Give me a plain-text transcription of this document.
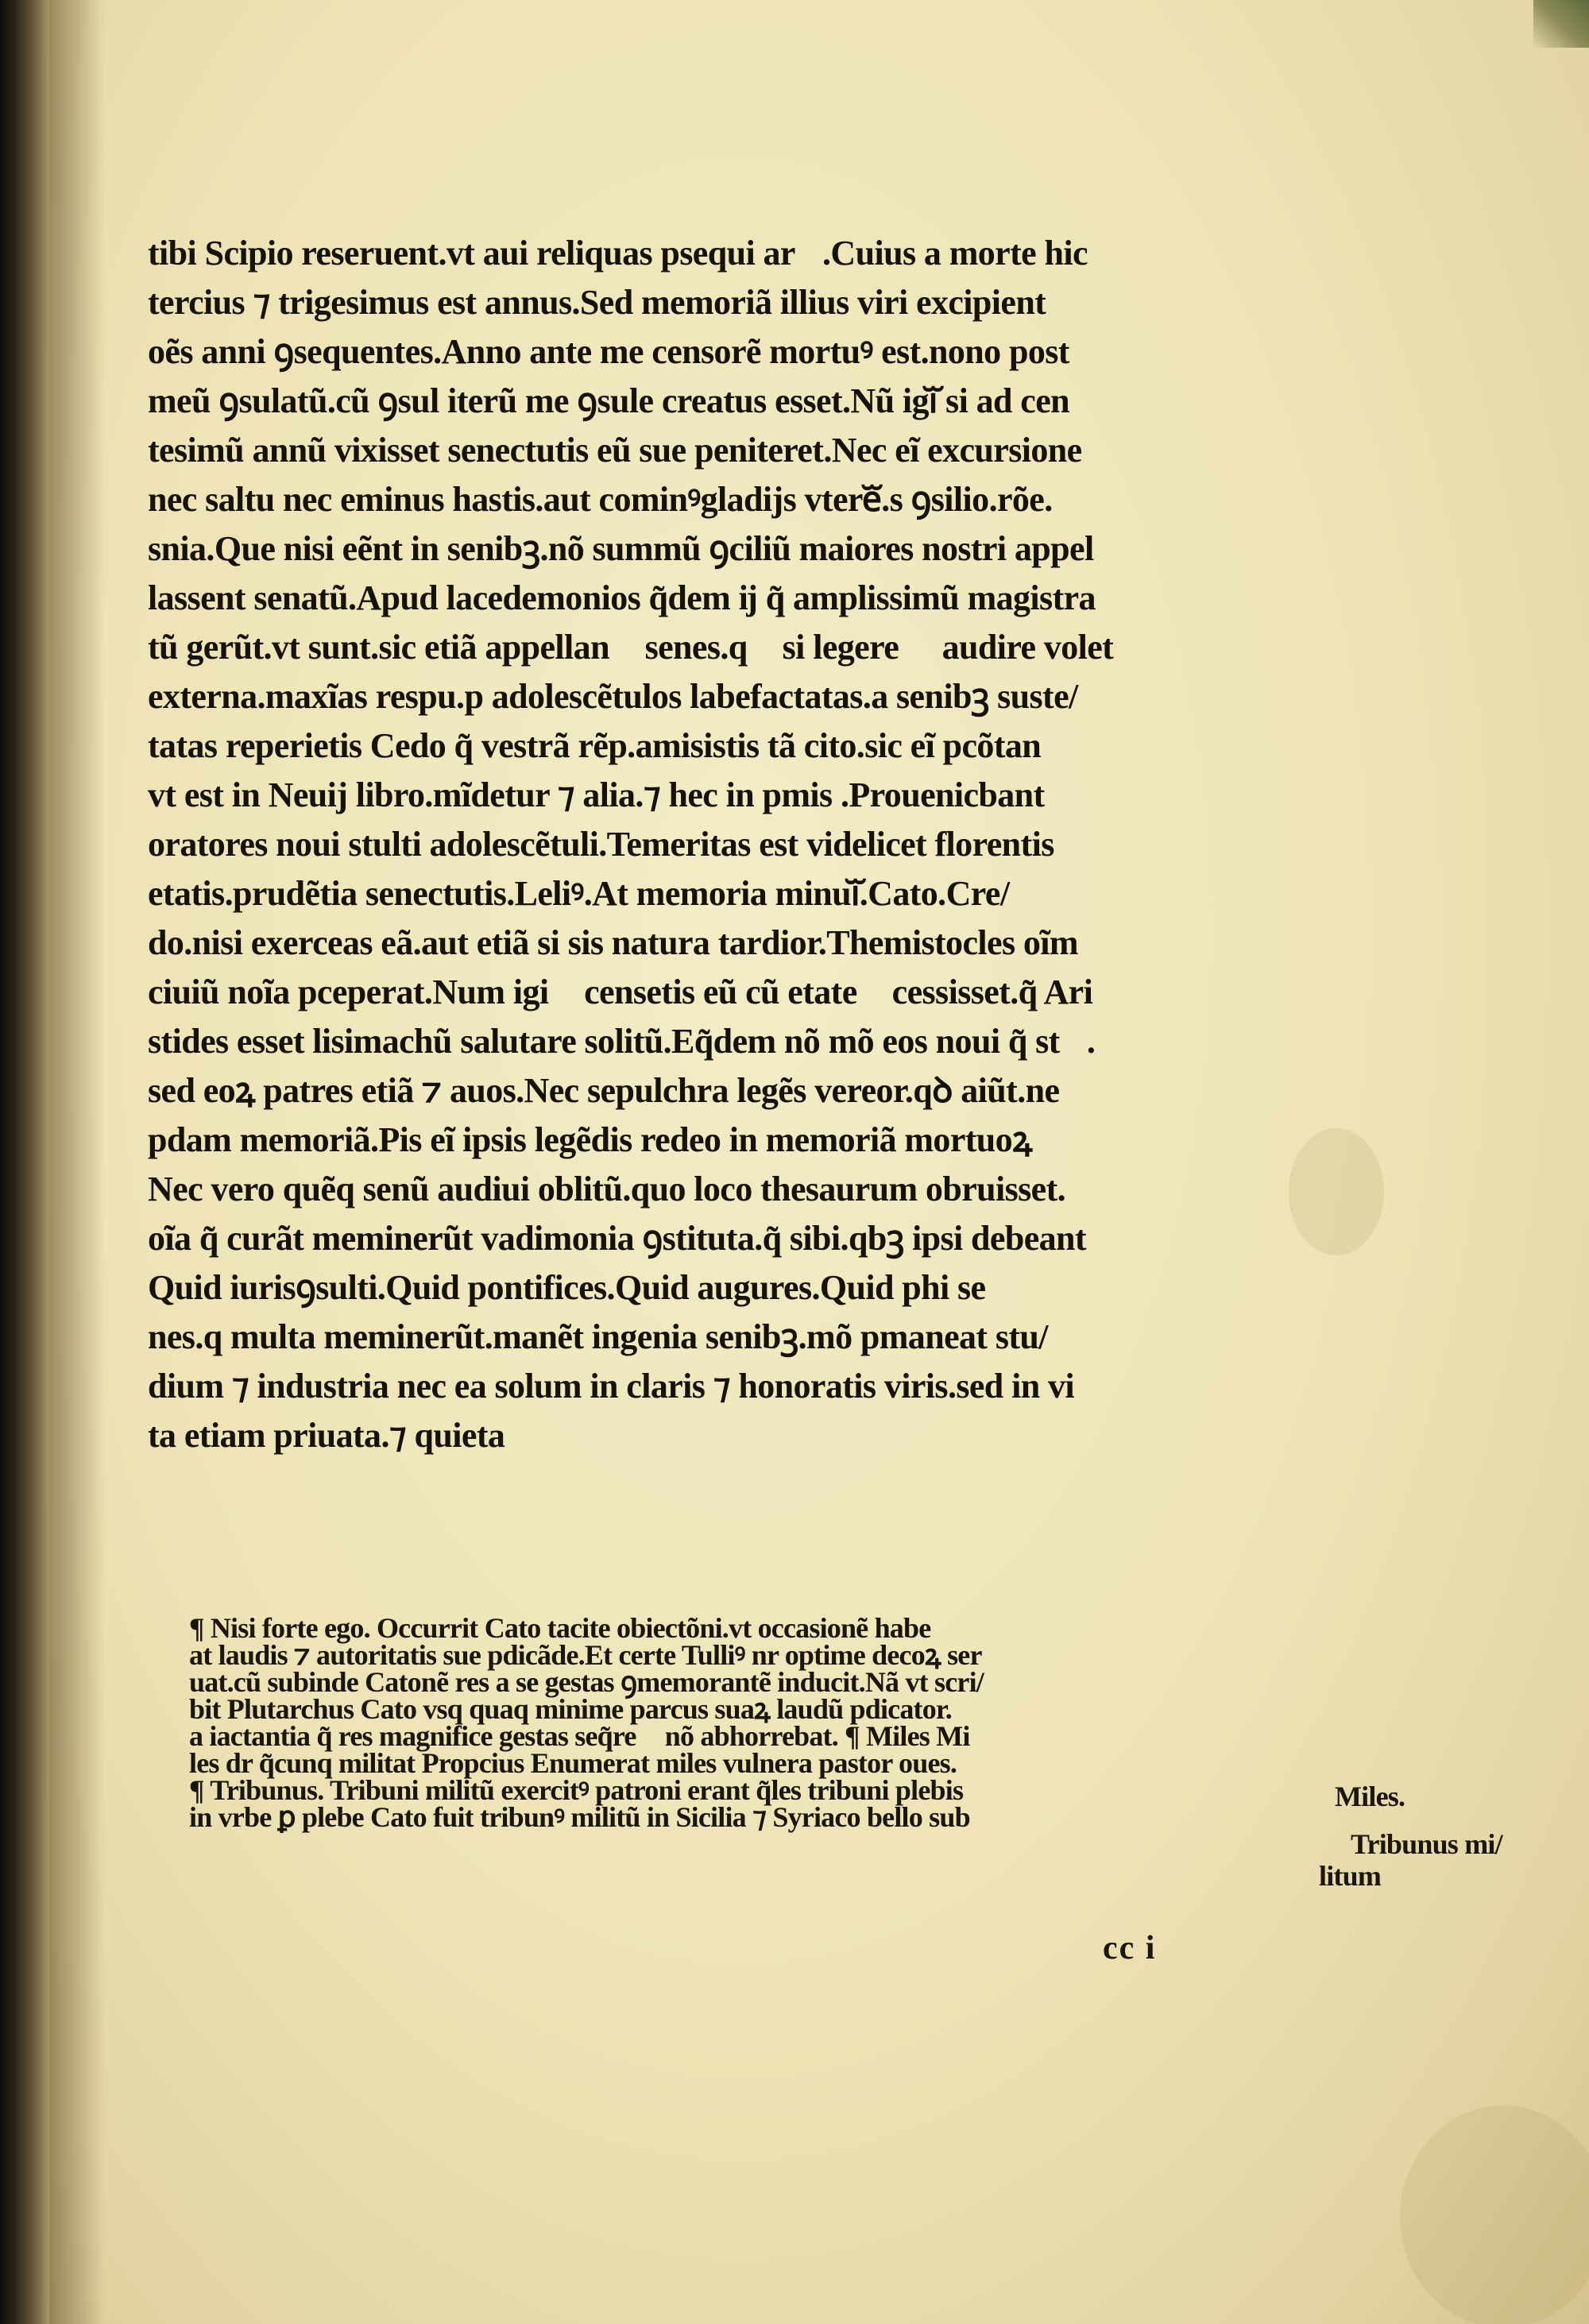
tibi Scipio reseruent.vt aui reliquas psequi arᷓ.Cuius a morte hic
tercius ⁊ trigesimus est annus.Sed memoriã illius viri excipient
oẽs anni ꝯsequentes.Anno ante me censorẽ mortuꝰ est.nono post
meũ ꝯsulatũ.cũ ꝯsul iterũ me ꝯsule creatus esset.Nũ igiᷓ si ad cen
tesimũ annũ vixisset senectutis eũ sue peniteret.Nec eĩ excursione
nec saltu nec eminus hastis.aut cominꝰgladijs vtereᷓ.s ꝯsilio.rõe.
snia.Que nisi eẽnt in senibꝫ.nõ summũ ꝯciliũ maiores nostri appel
lassent senatũ.Apud lacedemonios q̃dem ĳ q̃ amplissimũ magistra
tũ gerũt.vt sunt.sic etiã appellanᷓ senes.qꝫ si legere ⁊ audire voletᷓ
externa.maxĩas respu.p adolescẽtulos labefactatas.a senibꝫ suste/
tatas reperietis Cedo q̃ vestrã rẽp.amisistis tã cito.sic eĩ pcõtanᷓ
vt est in Neuij libro.mĩdetur ⁊ alia.⁊ hec in pmis .Prouenicbant
oratores noui stulti adolescẽtuli.Temeritas est videlicet florentis
etatis.prudẽtia senectutis.Leliꝰ.At memoria minuiᷓ.Cato.Cre/
do.nisi exerceas eã.aut etiã si sis natura tardior.Themistocles oĩm
ciuiũ noĩa pceperat.Num igiᷓ censetis eũ cũ etate ꝑcessisset.q̃ Ari
stides esset lisimachũ salutare solitũ.Eq̃dem nõ mõ eos noui q̃ stᷓ.
sed eoꝝ patres etiã ⁊ auos.Nec sepulchra legẽs vereor.qꝺ aiũt.ne
pdam memoriã.Pis eĩ ipsis legẽdis redeo in memoriã mortuoꝝ
Nec vero quẽq senũ audiui oblitũ.quo loco thesaurum obruisset.
oĩa q̃ curãt meminerũt vadimonia ꝯstituta.q̃ sibi.qbꝫ ipsi debeant
Quid iurisꝯsulti.Quid pontifices.Quid augures.Quid phi se
nes.q multa meminerũt.manẽt ingenia senibꝫ.mõ pmaneat stu/
dium ⁊ industria nec ea solum in claris ⁊ honoratis viris.sed in vi
ta etiam priuata.⁊ quieta
¶ Nisi forte ego. Occurrit Cato tacite obiectõni.vt occasionẽ habe
at laudis ⁊ autoritatis sue pdicãde.Et certe Tulliꝰ nr optime decoꝝ ser
uat.cũ subinde Catonẽ res a se gestas ꝯmemorantẽ inducit.Nã vt scri/
bit Plutarchus Cato vsq quaq minime parcus suaꝝ laudũ pdicator.
a iactantia q̃ res magnifice gestas seq̃reᷓ nõ abhorrebat. ¶ Miles Mi
les dr q̃cunq militat Propcius Enumerat miles vulnera pastor oues.
¶ Tribunus. Tribuni militũ exercitꝰ patroni erant q̃les tribuni plebis
in vrbe ꝑ plebe Cato fuit tribunꝰ militũ in Sicilia ⁊ Syriaco bello sub
Miles.
Tribunus mi/
litum
cc i
